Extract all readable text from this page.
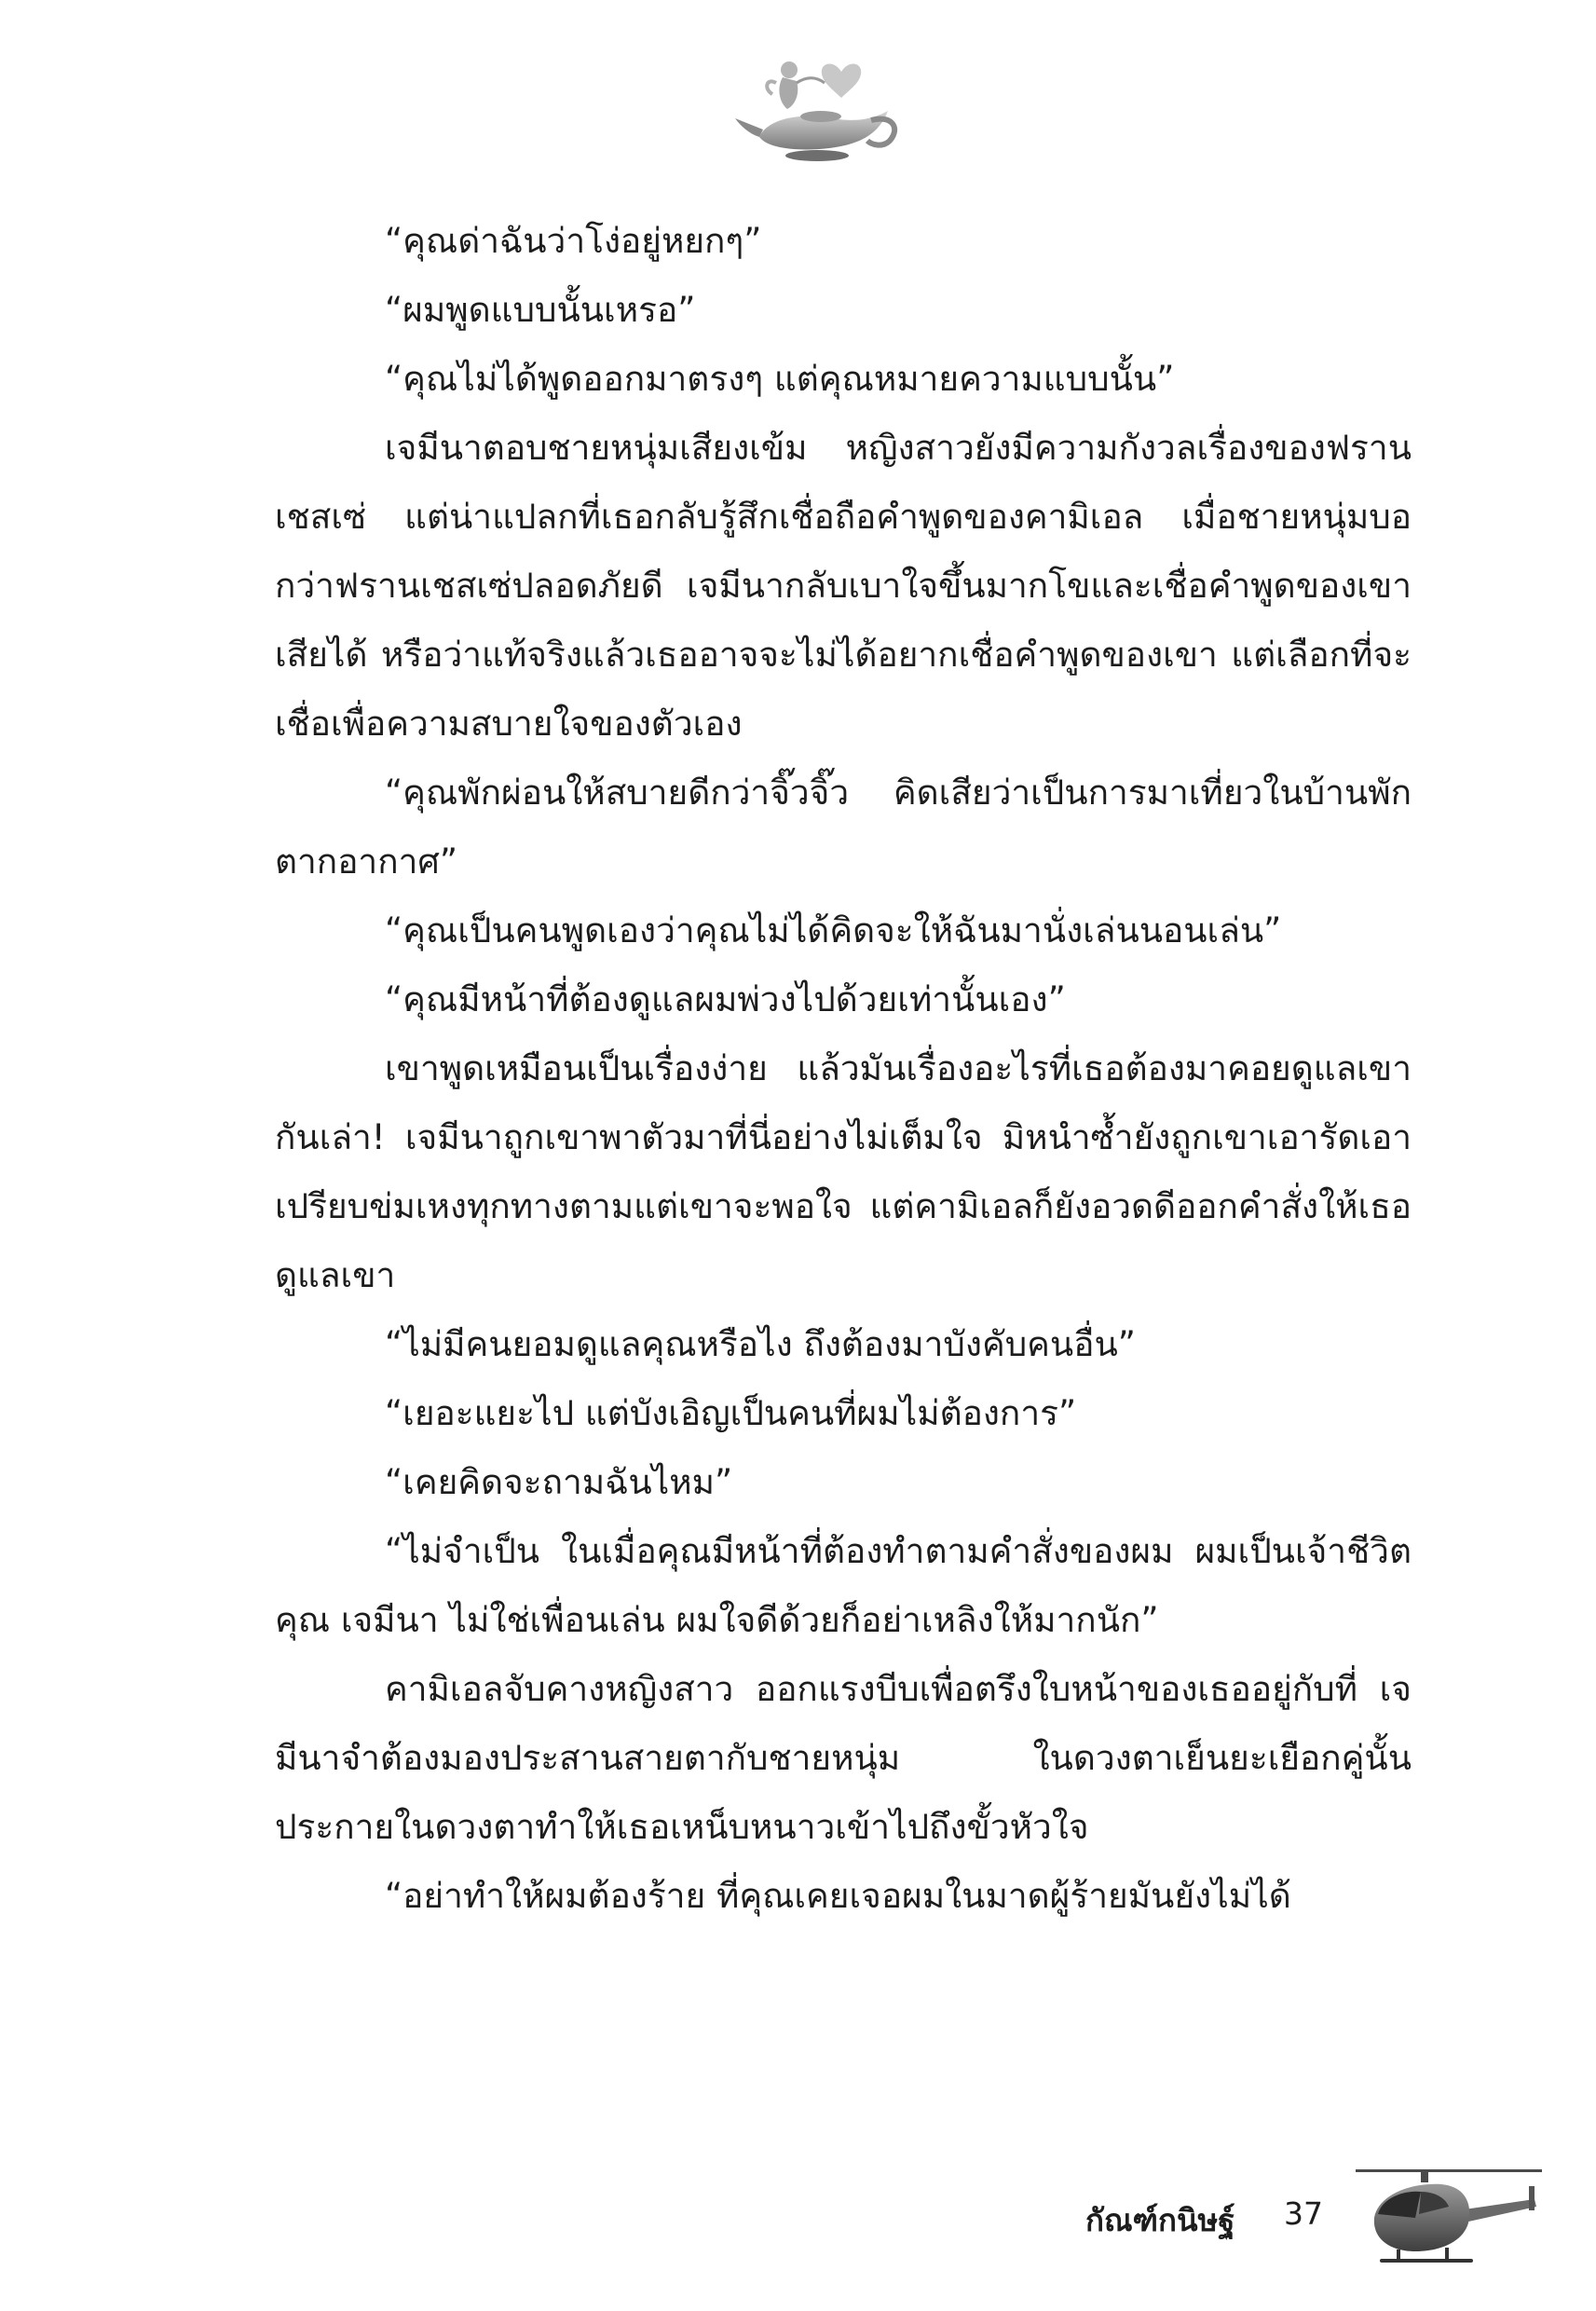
“คุณด่าฉันว่าโง่อยู่หยกๆ”

“ผมพูดแบบนั้นเหรอ”

“คุณไม่ได้พูดออกมาตรงๆ แต่คุณหมายความแบบนั้น”

เจมีนาตอบชายหนุ่มเสียงเข้ม หญิงสาวยังมีความกังวลเรื่องของฟรานเชสเซ่ แต่น่าแปลกที่เธอกลับรู้สึกเชื่อถือคำพูดของคามิเอล เมื่อชายหนุ่มบอกว่าฟรานเชสเซ่ปลอดภัยดี เจมีนากลับเบาใจขึ้นมากโขและเชื่อคำพูดของเขาเสียได้ หรือว่าแท้จริงแล้วเธออาจจะไม่ได้อยากเชื่อคำพูดของเขา แต่เลือกที่จะเชื่อเพื่อความสบายใจของตัวเอง

“คุณพักผ่อนให้สบายดีกว่าจิ๊วจิ๊ว คิดเสียว่าเป็นการมาเที่ยวในบ้านพักตากอากาศ”

“คุณเป็นคนพูดเองว่าคุณไม่ได้คิดจะให้ฉันมานั่งเล่นนอนเล่น”

“คุณมีหน้าที่ต้องดูแลผมพ่วงไปด้วยเท่านั้นเอง”

เขาพูดเหมือนเป็นเรื่องง่าย แล้วมันเรื่องอะไรที่เธอต้องมาคอยดูแลเขากันเล่า! เจมีนาถูกเขาพาตัวมาที่นี่อย่างไม่เต็มใจ มิหนำซ้ำยังถูกเขาเอารัดเอาเปรียบข่มเหงทุกทางตามแต่เขาจะพอใจ แต่คามิเอลก็ยังอวดดีออกคำสั่งให้เธอดูแลเขา

“ไม่มีคนยอมดูแลคุณหรือไง ถึงต้องมาบังคับคนอื่น”

“เยอะแยะไป แต่บังเอิญเป็นคนที่ผมไม่ต้องการ”

“เคยคิดจะถามฉันไหม”

“ไม่จำเป็น ในเมื่อคุณมีหน้าที่ต้องทำตามคำสั่งของผม ผมเป็นเจ้าชีวิตคุณ เจมีนา ไม่ใช่เพื่อนเล่น ผมใจดีด้วยก็อย่าเหลิงให้มากนัก”

คามิเอลจับคางหญิงสาว ออกแรงบีบเพื่อตรึงใบหน้าของเธออยู่กับที่ เจมีนาจำต้องมองประสานสายตากับชายหนุ่ม ในดวงตาเย็นยะเยือกคู่นั้น ประกายในดวงตาทำให้เธอเหน็บหนาวเข้าไปถึงขั้วหัวใจ

“อย่าทำให้ผมต้องร้าย ที่คุณเคยเจอผมในมาดผู้ร้ายมันยังไม่ได้

กัณฑ์กนิษฐ์ 37
